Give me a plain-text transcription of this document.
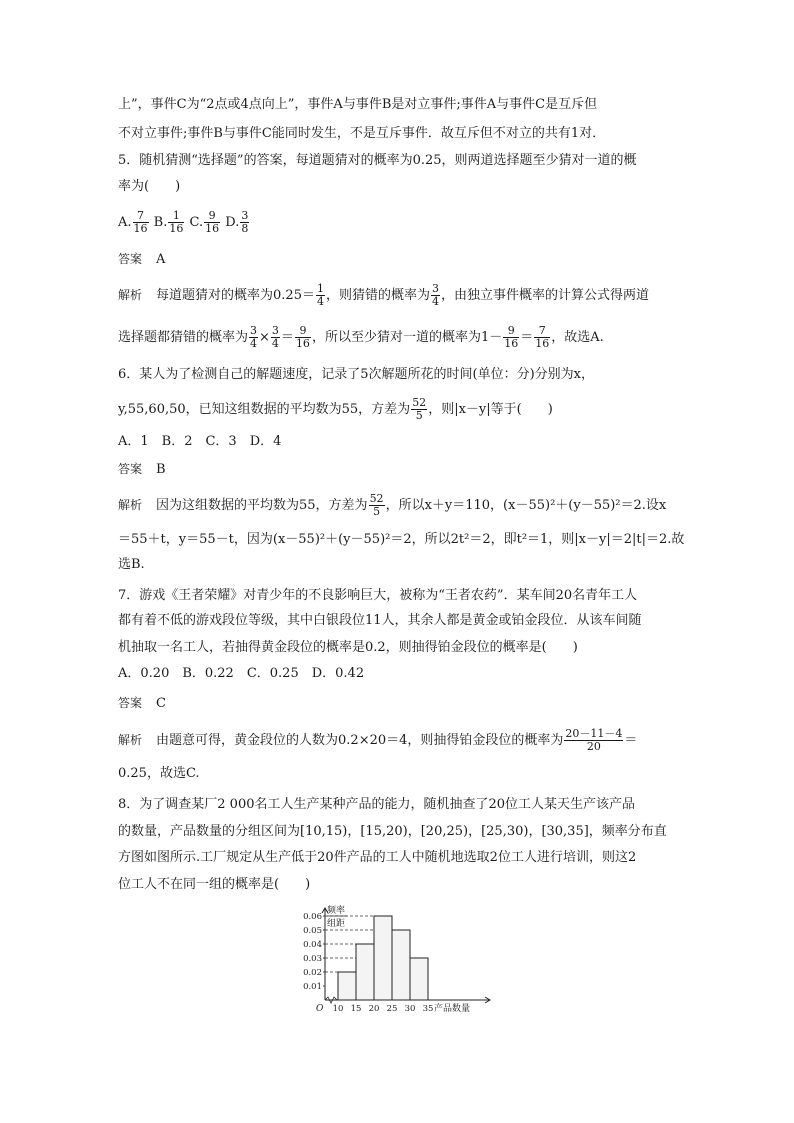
上”，事件C为“2点或4点向上”，事件A与事件B是对立事件;事件A与事件C是互斥但
不对立事件;事件B与事件C能同时发生，不是互斥事件．故互斥但不对立的共有1对．
5．随机猜测“选择题”的答案，每道题猜对的概率为0.25，则两道选择题至少猜对一道的概
率为(　　)
A. $\frac{7}{16} B$. $\frac{1}{16} C$. $\frac{9}{16} D$. $\frac{3}{8}$
答案 A
解析 每道题猜对的概率为$0.25= \frac{1}{4}$ ，则猜错的概率为 $\frac{3}{4}$ ，由独立事件概率的计算公式得两道
选择题都猜错的概率为 $\frac{3}{4} \times \frac{3}{4} = \frac{9}{16}$ ，所以至少猜对一道的概率为$1- \frac{9}{16} = \frac{7}{16}$ ，故选A.
6．某人为了检测自己的解题速度，记录了5次解题所花的时间(单位：分)分别为x，
y,55,60,50，已知这组数据的平均数为55，方差为 $\frac{52}{5}$ ，则|x－y|等于(　　)
A．1　B．2　C．3　D．4
答案 B
解析 因为这组数据的平均数为55，方差为 $\frac{52}{5}$ ，所以x＋y＝110，(x－55)²＋(y－55)²＝2.设x
＝55＋t，y＝55－t，因为(x－55)²＋(y－55)²＝2，所以2t²＝2，即t²＝1，则|x－y|＝2|t|＝2.故
选B.
7．游戏《王者荣耀》对青少年的不良影响巨大，被称为“王者农药”．某车间20名青年工人
都有着不低的游戏段位等级，其中白银段位11人，其余人都是黄金或铂金段位．从该车间随
机抽取一名工人，若抽得黄金段位的概率是0.2，则抽得铂金段位的概率是(　　)
A．0.20　B．0.22　C．0.25　D．0.42
答案 C
解析 由题意可得，黄金段位的人数为0.2×20＝4，则抽得铂金段位的概率为 $\frac{20-11-4}{20}$ ＝
0.25，故选C.
8．为了调查某厂2 000名工人生产某种产品的能力，随机抽查了20位工人某天生产该产品
的数量，产品数量的分组区间为[10,15)，[15,20)，[20,25)，[25,30)，[30,35]，频率分布直
方图如图所示.工厂规定从生产低于20件产品的工人中随机地选取2位工人进行培训，则这2
位工人不在同一组的概率是(　　)
0.01
0.02
0.03
0.04
0.05
0.06
10 15 20 25 30 35
O	产品数量
频率
组距
